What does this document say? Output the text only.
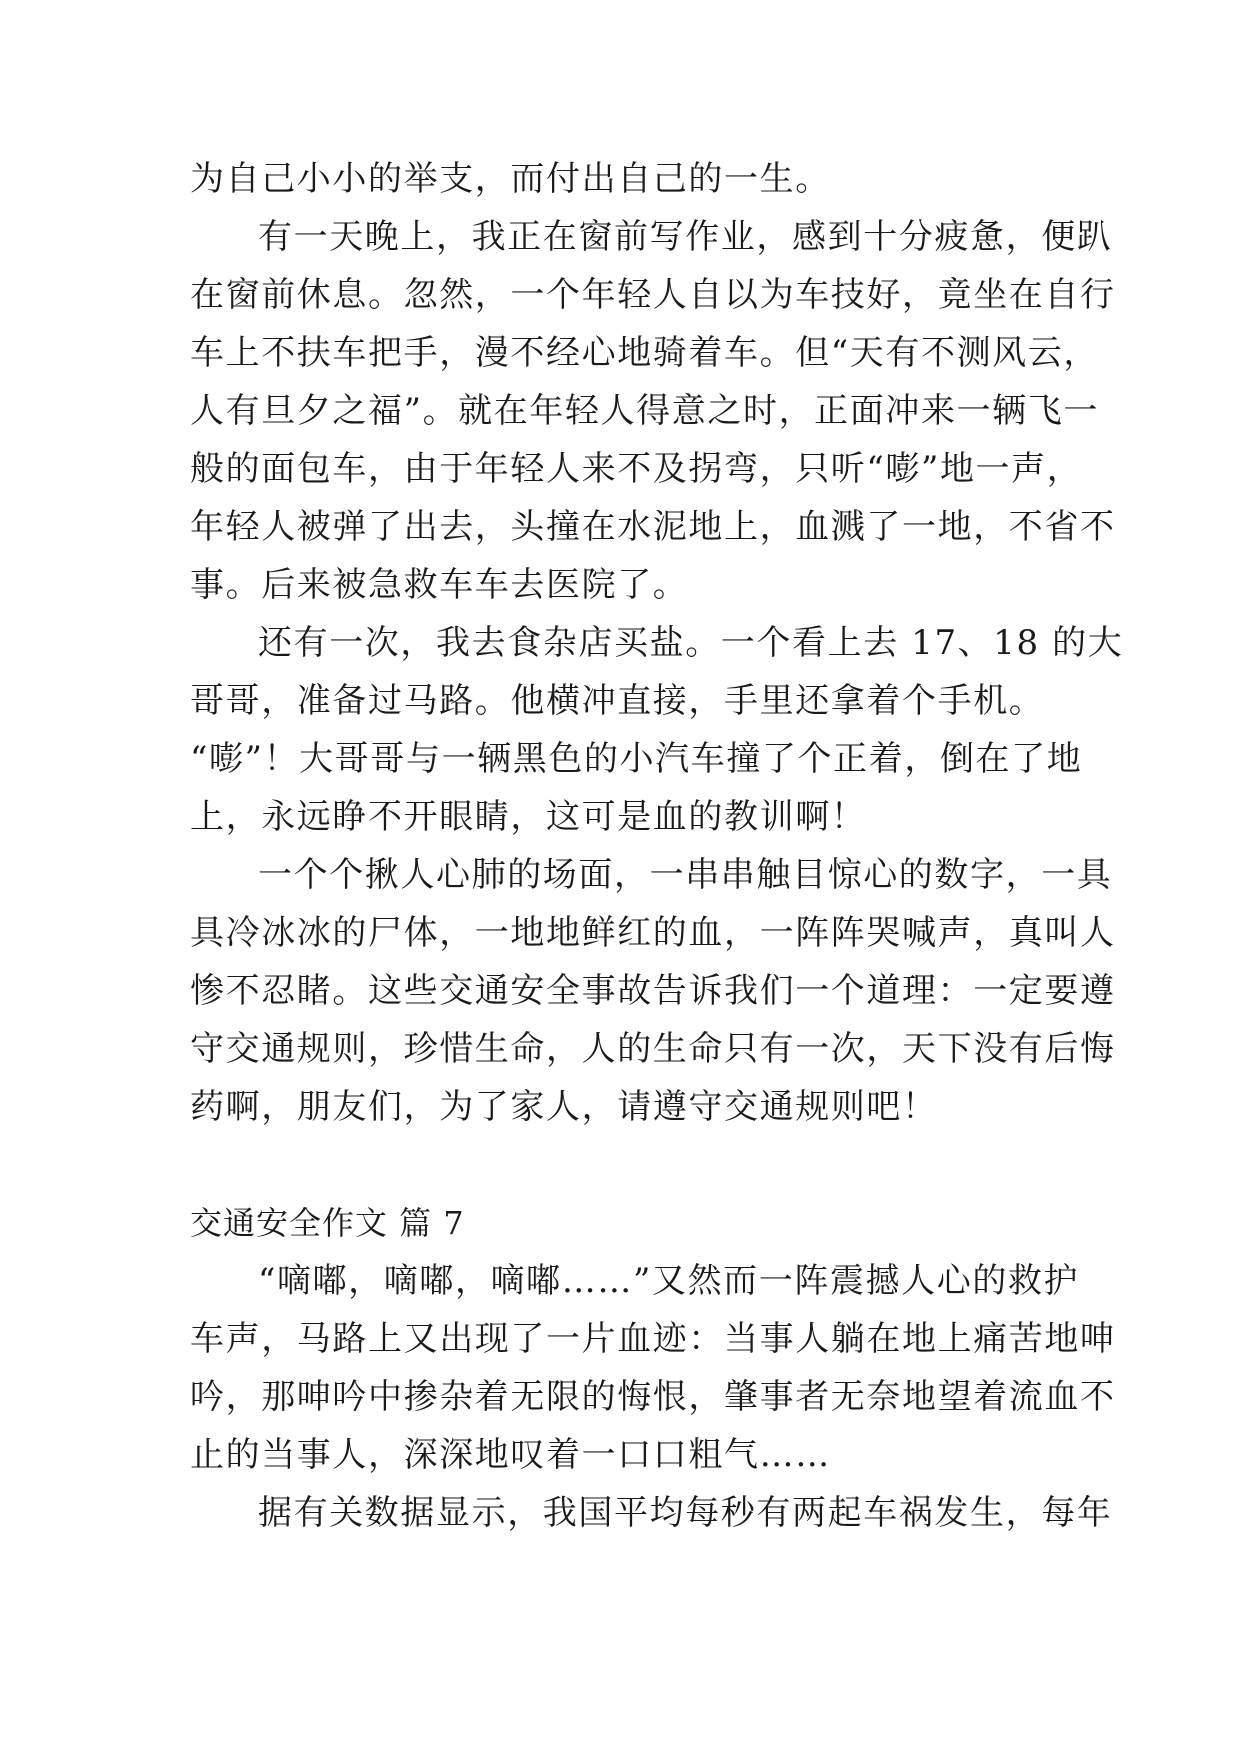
为自己小小的举支，而付出自己的一生。

有一天晚上，我正在窗前写作业，感到十分疲惫，便趴

在窗前休息。忽然，一个年轻人自以为车技好，竟坐在自行

车上不扶车把手，漫不经心地骑着车。但“天有不测风云，

人有旦夕之福”。就在年轻人得意之时，正面冲来一辆飞一

般的面包车，由于年轻人来不及拐弯，只听“嘭”地一声，

年轻人被弹了出去，头撞在水泥地上，血溅了一地，不省不

事。后来被急救车车去医院了。

还有一次，我去食杂店买盐。一个看上去 17、18 的大

哥哥，准备过马路。他横冲直接，手里还拿着个手机。

“嘭”！大哥哥与一辆黑色的小汽车撞了个正着，倒在了地

上，永远睁不开眼睛，这可是血的教训啊！

一个个揪人心肺的场面，一串串触目惊心的数字，一具

具冷冰冰的尸体，一地地鲜红的血，一阵阵哭喊声，真叫人

惨不忍睹。这些交通安全事故告诉我们一个道理：一定要遵

守交通规则，珍惜生命，人的生命只有一次，天下没有后悔

药啊，朋友们，为了家人，请遵守交通规则吧！

交通安全作文 篇 7

“嘀嘟，嘀嘟，嘀嘟……”又然而一阵震撼人心的救护

车声，马路上又出现了一片血迹：当事人躺在地上痛苦地呻

吟，那呻吟中掺杂着无限的悔恨，肇事者无奈地望着流血不

止的当事人，深深地叹着一口口粗气……

据有关数据显示，我国平均每秒有两起车祸发生，每年
